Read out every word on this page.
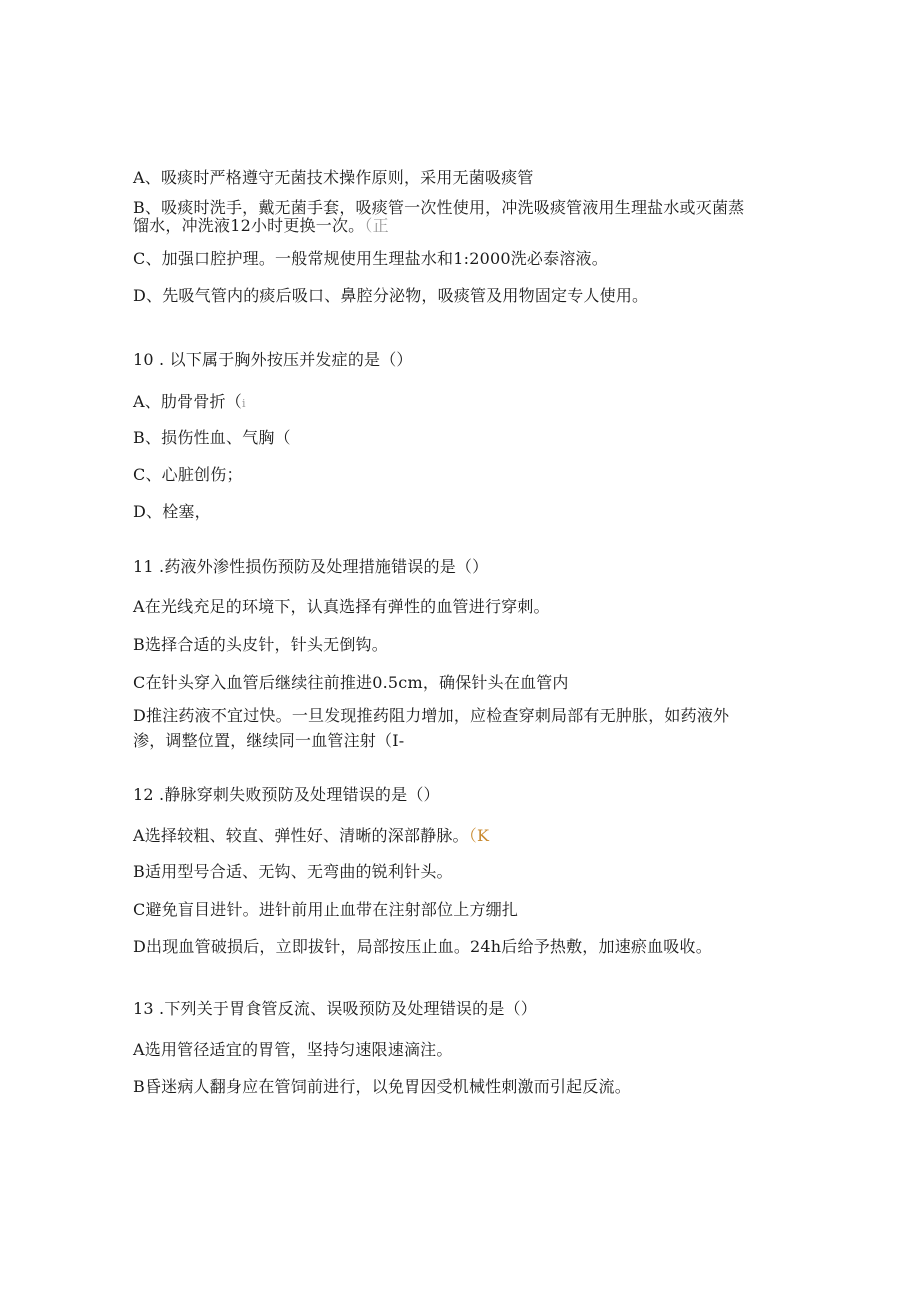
A、吸痰时严格遵守无菌技术操作原则，采用无菌吸痰管
B、吸痰时洗手，戴无菌手套，吸痰管一次性使用，冲洗吸痰管液用生理盐水或灭菌蒸
馏水，冲洗液12小时更换一次。（正
C、加强口腔护理。一般常规使用生理盐水和1:2000洗必泰溶液。
D、先吸气管内的痰后吸口、鼻腔分泌物，吸痰管及用物固定专人使用。
10 . 以下属于胸外按压并发症的是（）
A、肋骨骨折（i
B、损伤性血、气胸（
C、心脏创伤；
D、栓塞，
11 .药液外渗性损伤预防及处理措施错误的是（）
A在光线充足的环境下，认真选择有弹性的血管进行穿刺。
B选择合适的头皮针，针头无倒钩。
C在针头穿入血管后继续往前推进0.5cm，确保针头在血管内
D推注药液不宜过快。一旦发现推药阻力增加，应检查穿刺局部有无肿胀，如药液外
渗，调整位置，继续同一血管注射（I-
12 .静脉穿刺失败预防及处理错误的是（）
A选择较粗、较直、弹性好、清晰的深部静脉。（K
B适用型号合适、无钩、无弯曲的锐利针头。
C避免盲目进针。进针前用止血带在注射部位上方绷扎
D出现血管破损后，立即拔针，局部按压止血。24h后给予热敷，加速瘀血吸收。
13 .下列关于胃食管反流、误吸预防及处理错误的是（）
A选用管径适宜的胃管，坚持匀速限速滴注。
B昏迷病人翻身应在管饲前进行，以免胃因受机械性刺激而引起反流。
